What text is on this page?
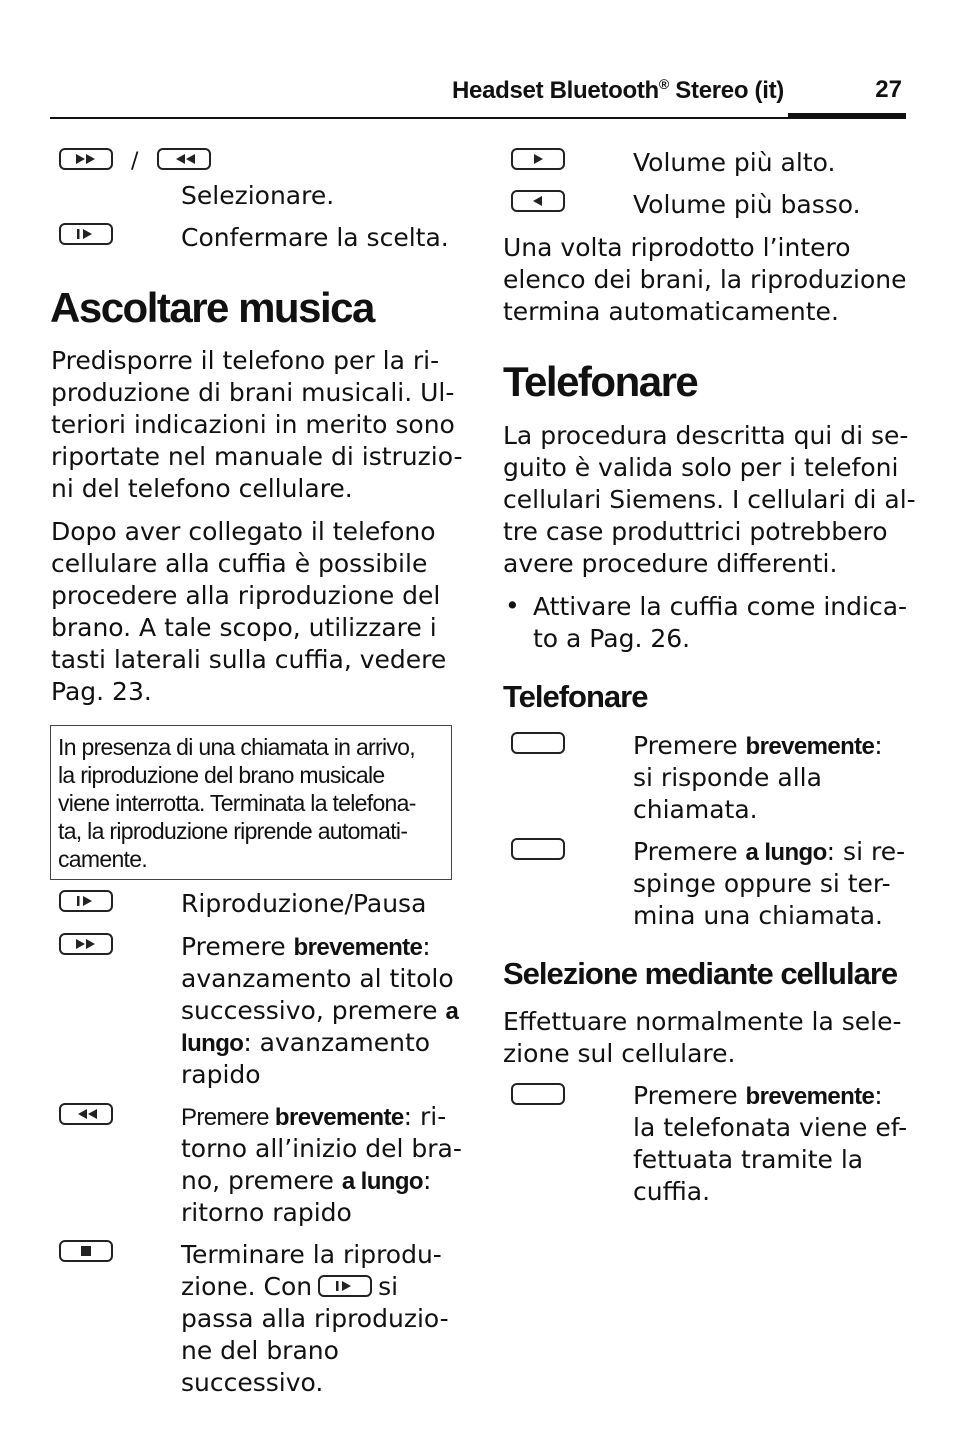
Headset Bluetooth® Stereo (it)	27
/
Selezionare.
Confermare la scelta.
Ascoltare musica
Predisporre il telefono per la ri-
produzione di brani musicali. Ul-
teriori indicazioni in merito sono
riportate nel manuale di istruzio-
ni del telefono cellulare.
Dopo aver collegato il telefono
cellulare alla cuffia è possibile
procedere alla riproduzione del
brano. A tale scopo, utilizzare i
tasti laterali sulla cuffia, vedere
Pag. 23.
In presenza di una chiamata in arrivo,
la riproduzione del brano musicale
viene interrotta. Terminata la telefona-
ta, la riproduzione riprende automati-
camente.
Riproduzione/Pausa
Premere brevemente:
avanzamento al titolo
successivo, premere a
lungo: avanzamento
rapido
Premere brevemente: ri-
torno all’inizio del bra-
no, premere a lungo:
ritorno rapido
Terminare la riprodu-
zione. Con	si
passa alla riproduzio-
ne del brano
successivo.
Volume più alto.
Volume più basso.
Una volta riprodotto l’intero
elenco dei brani, la riproduzione
termina automaticamente.
Telefonare
La procedura descritta qui di se-
guito è valida solo per i telefoni
cellulari Siemens. I cellulari di al-
tre case produttrici potrebbero
avere procedure differenti.
• Attivare la cuffia come indica-
to a Pag. 26.
Telefonare
Premere brevemente:
si risponde alla
chiamata.
Premere a lungo: si re-
spinge oppure si ter-
mina una chiamata.
Selezione mediante cellulare
Effettuare normalmente la sele-
zione sul cellulare.
Premere brevemente:
la telefonata viene ef-
fettuata tramite la
cuffia.
